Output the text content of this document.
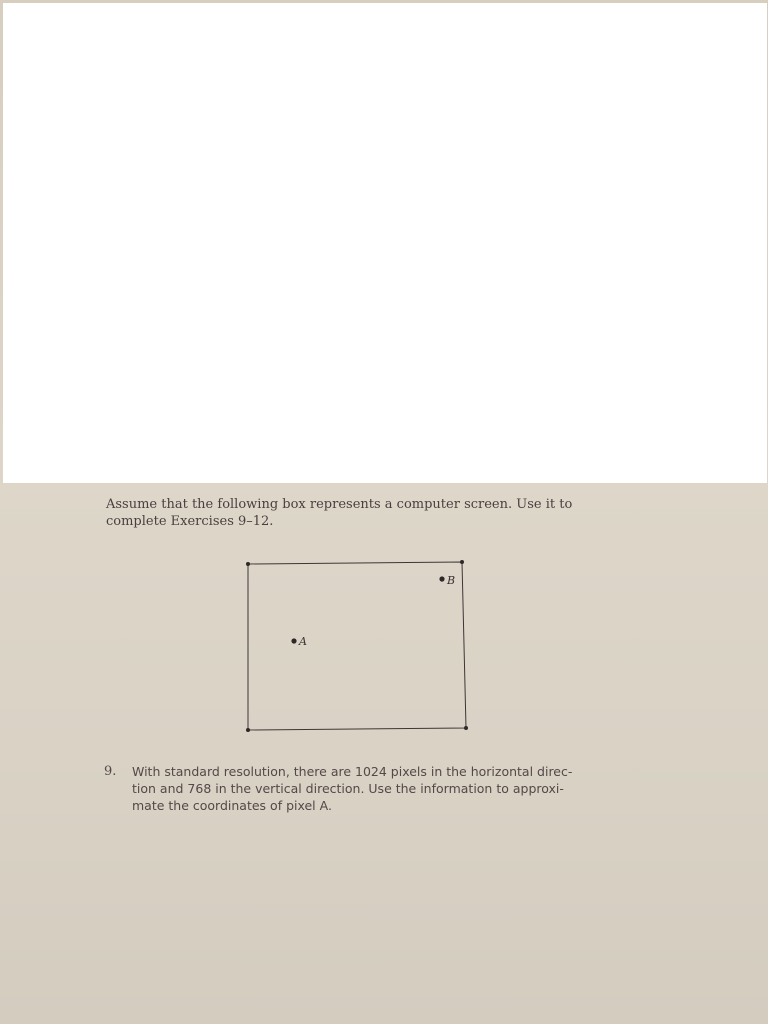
Assume that the following box represents a computer screen. Use it to
complete Exercises 9–12.
B
A
9.	With standard resolution, there are 1024 pixels in the horizontal direc-
tion and 768 in the vertical direction. Use the information to approxi-
mate the coordinates of pixel A.
